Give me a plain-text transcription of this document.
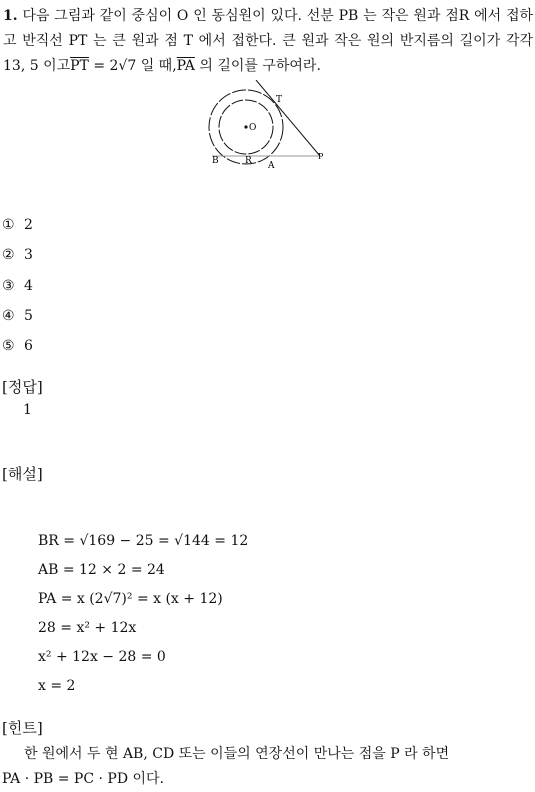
1. 다음 그림과 같이 중심이 O 인 동심원이 있다. 선분 PB 는 작은 원과 점R 에서 접하고 반직선 PT 는 큰 원과 점 T 에서 접한다. 큰 원과 작은 원의 반지름의 길이가 각각 13, 5 이고$\overline{PT} = 2√7$ 일 때$,\overline{PA}$ 의 길이를 구하여라.
T
O
B	R A
P
① 2
② 3
③ 4
④ 5
⑤ 6
[정답]
1
[해설]
BR = √169 − 25 = √144 = 12
AB = 12 × 2 = 24
PA = x (2√7)² = x (x + 12)
28 = x² + 12x
x² + 12x − 28 = 0
x = 2
[힌트]
한 원에서 두 현 AB, CD 또는 이들의 연장선이 만나는 점을 P 라 하면
PA · PB = PC · PD 이다.
